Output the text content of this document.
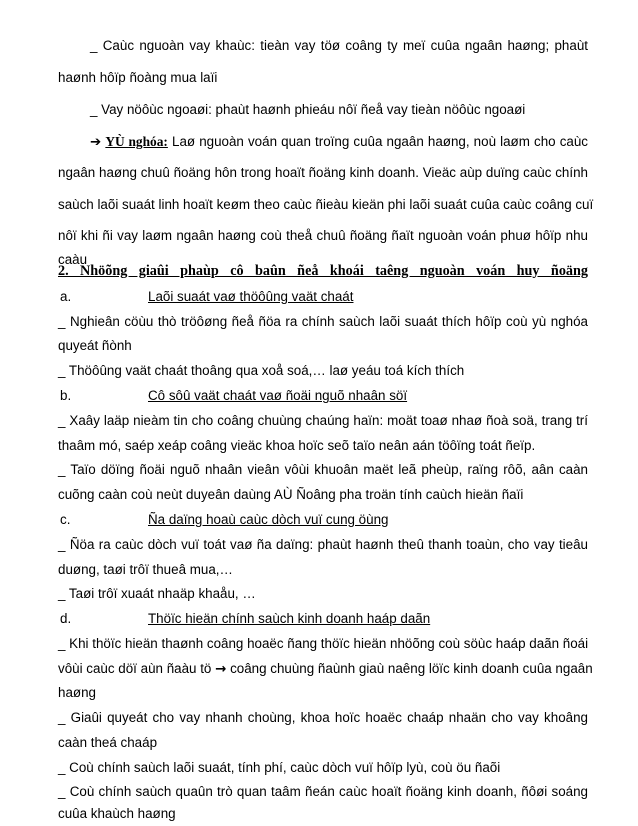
_ Caùc nguoàn vay khaùc: tieàn vay töø coâng ty meï cuûa ngaân haøng; phaùt
haønh hôïp ñoàng mua laïi
_ Vay nöôùc ngoaøi: phaùt haønh phieáu nôï ñeå vay tieàn nöôùc ngoaøi
➔ YÙ nghóa: Laø nguoàn voán quan troïng cuûa ngaân haøng, noù laøm cho caùc
ngaân haøng chuû ñoäng hôn trong hoaït ñoäng kinh doanh. Vieäc aùp duïng caùc chính
saùch laõi suaát linh hoaït keøm theo caùc ñieàu kieän phi laõi suaát cuûa caùc coâng cuï
nôï khi ñi vay laøm ngaân haøng coù theå chuû ñoäng ñaït nguoàn voán phuø hôïp nhu
caàu
2. Nhöõng giaûi phaùp cô baûn ñeå khoái taêng nguoàn voán huy ñoäng
a.	Laõi suaát vaø thöôûng vaät chaát
_ Nghieân cöùu thò tröôøng ñeå ñöa ra chính saùch laõi suaát thích hôïp coù yù nghóa
quyeát ñònh
_ Thöôûng vaät chaát thoâng qua xoå soá,… laø yeáu toá kích thích
b.	Cô sôû vaät chaát vaø ñoäi nguõ nhaân söï
_ Xaây laäp nieàm tin cho coâng chuùng chaúng haïn: moät toaø nhaø ñoà soä, trang trí
thaâm mó, saép xeáp coâng vieäc khoa hoïc seõ taïo neân aán töôïng toát ñeïp.
_ Taïo döïng ñoäi nguõ nhaân vieân vôùi khuoân maët leã pheùp, raïng rôõ, aân caàn
cuõng caàn coù neùt duyeân daùng AÙ Ñoâng pha troän tính caùch hieän ñaïi
c.	Ña daïng hoaù caùc dòch vuï cung öùng
_ Ñöa ra caùc dòch vuï toát vaø ña daïng: phaùt haønh theû thanh toaùn, cho vay tieâu
duøng, taøi trôï thueâ mua,…
_ Taøi trôï xuaát nhaäp khaåu, …
d.	Thöïc hieän chính saùch kinh doanh haáp daãn
_ Khi thöïc hieän thaønh coâng hoaëc ñang thöïc hieän nhöõng coù söùc haáp daãn ñoái
vôùi caùc döï aùn ñaàu tö → coâng chuùng ñaùnh giaù naêng löïc kinh doanh cuûa ngaân
haøng
_ Giaûi quyeát cho vay nhanh choùng, khoa hoïc hoaëc chaáp nhaän cho vay khoâng
caàn theá chaáp
_ Coù chính saùch laõi suaát, tính phí, caùc dòch vuï hôïp lyù, coù öu ñaõi
_ Coù chính saùch quaûn trò quan taâm ñeán caùc hoaït ñoäng kinh doanh, ñôøi soáng
cuûa khaùch haøng
